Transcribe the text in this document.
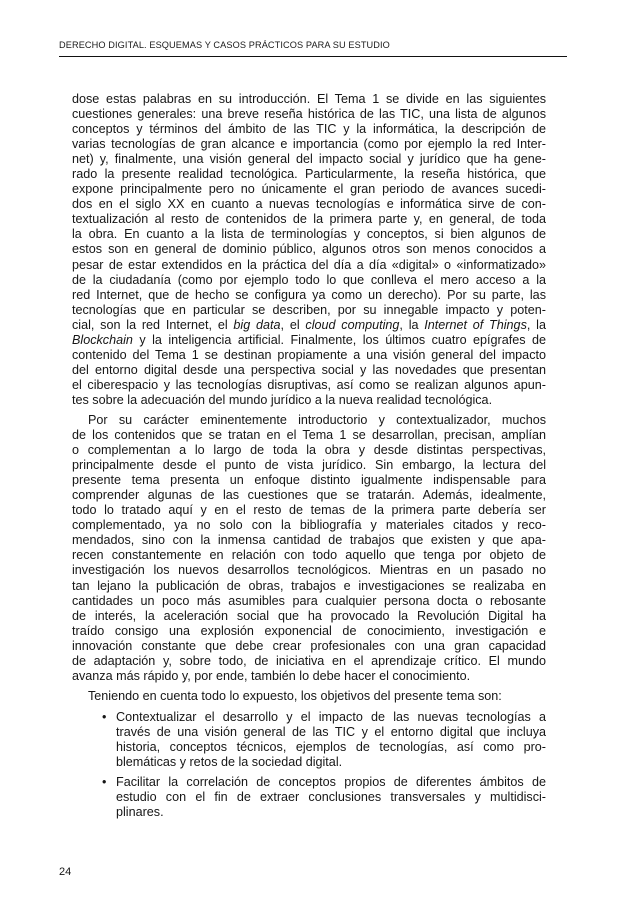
DERECHO DIGITAL. ESQUEMAS Y CASOS PRÁCTICOS PARA SU ESTUDIO

dose estas palabras en su introducción. El Tema 1 se divide en las siguientes
cuestiones generales: una breve reseña histórica de las TIC, una lista de algunos
conceptos y términos del ámbito de las TIC y la informática, la descripción de
varias tecnologías de gran alcance e importancia (como por ejemplo la red Inter-
net) y, finalmente, una visión general del impacto social y jurídico que ha gene-
rado la presente realidad tecnológica. Particularmente, la reseña histórica, que
expone principalmente pero no únicamente el gran periodo de avances sucedi-
dos en el siglo XX en cuanto a nuevas tecnologías e informática sirve de con-
textualización al resto de contenidos de la primera parte y, en general, de toda
la obra. En cuanto a la lista de terminologías y conceptos, si bien algunos de
estos son en general de dominio público, algunos otros son menos conocidos a
pesar de estar extendidos en la práctica del día a día «digital» o «informatizado»
de la ciudadanía (como por ejemplo todo lo que conlleva el mero acceso a la
red Internet, que de hecho se configura ya como un derecho). Por su parte, las
tecnologías que en particular se describen, por su innegable impacto y poten-
cial, son la red Internet, el big data, el cloud computing, la Internet of Things, la
Blockchain y la inteligencia artificial. Finalmente, los últimos cuatro epígrafes de
contenido del Tema 1 se destinan propiamente a una visión general del impacto
del entorno digital desde una perspectiva social y las novedades que presentan
el ciberespacio y las tecnologías disruptivas, así como se realizan algunos apun-
tes sobre la adecuación del mundo jurídico a la nueva realidad tecnológica.

Por su carácter eminentemente introductorio y contextualizador, muchos
de los contenidos que se tratan en el Tema 1 se desarrollan, precisan, amplían
o complementan a lo largo de toda la obra y desde distintas perspectivas,
principalmente desde el punto de vista jurídico. Sin embargo, la lectura del
presente tema presenta un enfoque distinto igualmente indispensable para
comprender algunas de las cuestiones que se tratarán. Además, idealmente,
todo lo tratado aquí y en el resto de temas de la primera parte debería ser
complementado, ya no solo con la bibliografía y materiales citados y reco-
mendados, sino con la inmensa cantidad de trabajos que existen y que apa-
recen constantemente en relación con todo aquello que tenga por objeto de
investigación los nuevos desarrollos tecnológicos. Mientras en un pasado no
tan lejano la publicación de obras, trabajos e investigaciones se realizaba en
cantidades un poco más asumibles para cualquier persona docta o rebosante
de interés, la aceleración social que ha provocado la Revolución Digital ha
traído consigo una explosión exponencial de conocimiento, investigación e
innovación constante que debe crear profesionales con una gran capacidad
de adaptación y, sobre todo, de iniciativa en el aprendizaje crítico. El mundo
avanza más rápido y, por ende, también lo debe hacer el conocimiento.

Teniendo en cuenta todo lo expuesto, los objetivos del presente tema son:

• Contextualizar el desarrollo y el impacto de las nuevas tecnologías a
través de una visión general de las TIC y el entorno digital que incluya
historia, conceptos técnicos, ejemplos de tecnologías, así como pro-
blemáticas y retos de la sociedad digital.
• Facilitar la correlación de conceptos propios de diferentes ámbitos de
estudio con el fin de extraer conclusiones transversales y multidisci-
plinares.
24
